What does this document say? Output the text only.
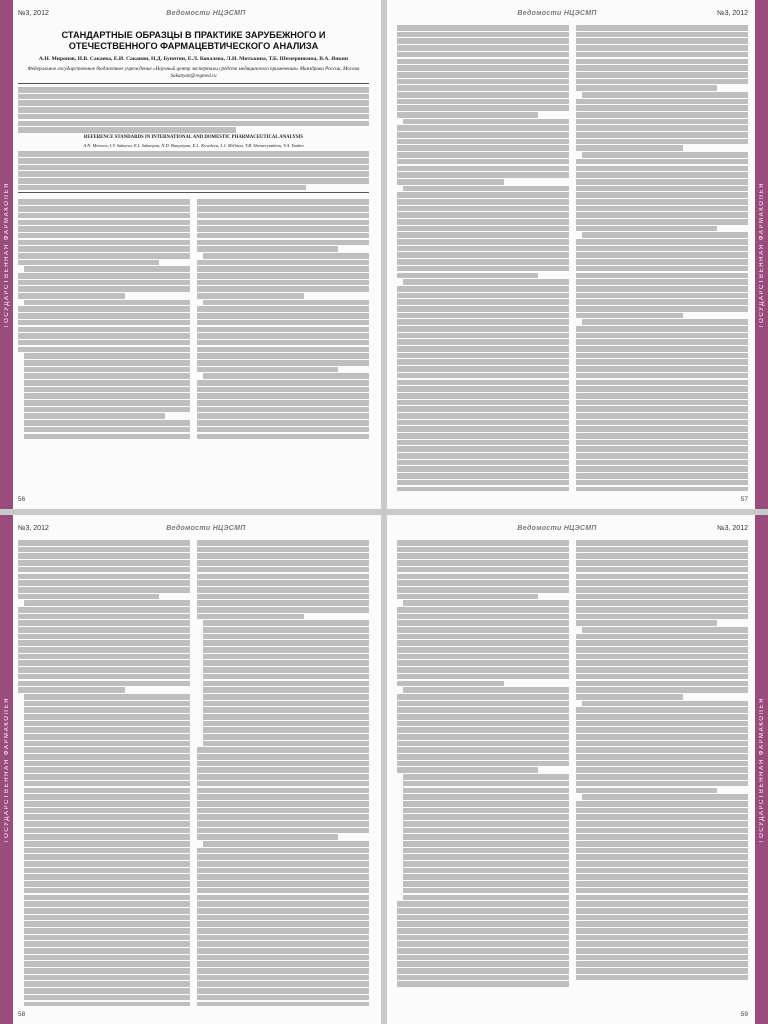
ГОСУДАРСТВЕННАЯ ФАРМАКОПЕЯ
№3, 2012	Ведомости НЦЭСМП
СТАНДАРТНЫЕ ОБРАЗЦЫ В ПРАКТИКЕ ЗАРУБЕЖНОГО И ОТЕЧЕСТВЕННОГО ФАРМАЦЕВТИЧЕСКОГО АНАЛИЗА
А.Н. Миронов, И.В. Сакаева, Е.И. Саканян, Н.Д. Бунятян, Е.Л. Ковалева, Л.И. Митькина, Т.Б. Шемерянкина, В.А. Янкин
Федеральное государственное бюджетное учреждение «Научный центр экспертизы средств медицинского применения» Минздрава России, Москва
Sakanyan@regmed.ru
REFERENCE STANDARDS IN INTERNATIONAL AND DOMESTIC PHARMACEUTICAL ANALYSIS
A.N. Mironov, I.V. Sakaeva, E.I. Sakanyan, N.D. Bunyatyan, E.L. Kovaleva, L.I. Mit'kina, T.B. Shemeryankina, V.A. Yankin
56
ГОСУДАРСТВЕННАЯ ФАРМАКОПЕЯ
Ведомости НЦЭСМП	№3, 2012
57
ГОСУДАРСТВЕННАЯ ФАРМАКОПЕЯ
№3, 2012	Ведомости НЦЭСМП
58
ГОСУДАРСТВЕННАЯ ФАРМАКОПЕЯ
Ведомости НЦЭСМП	№3, 2012
59
